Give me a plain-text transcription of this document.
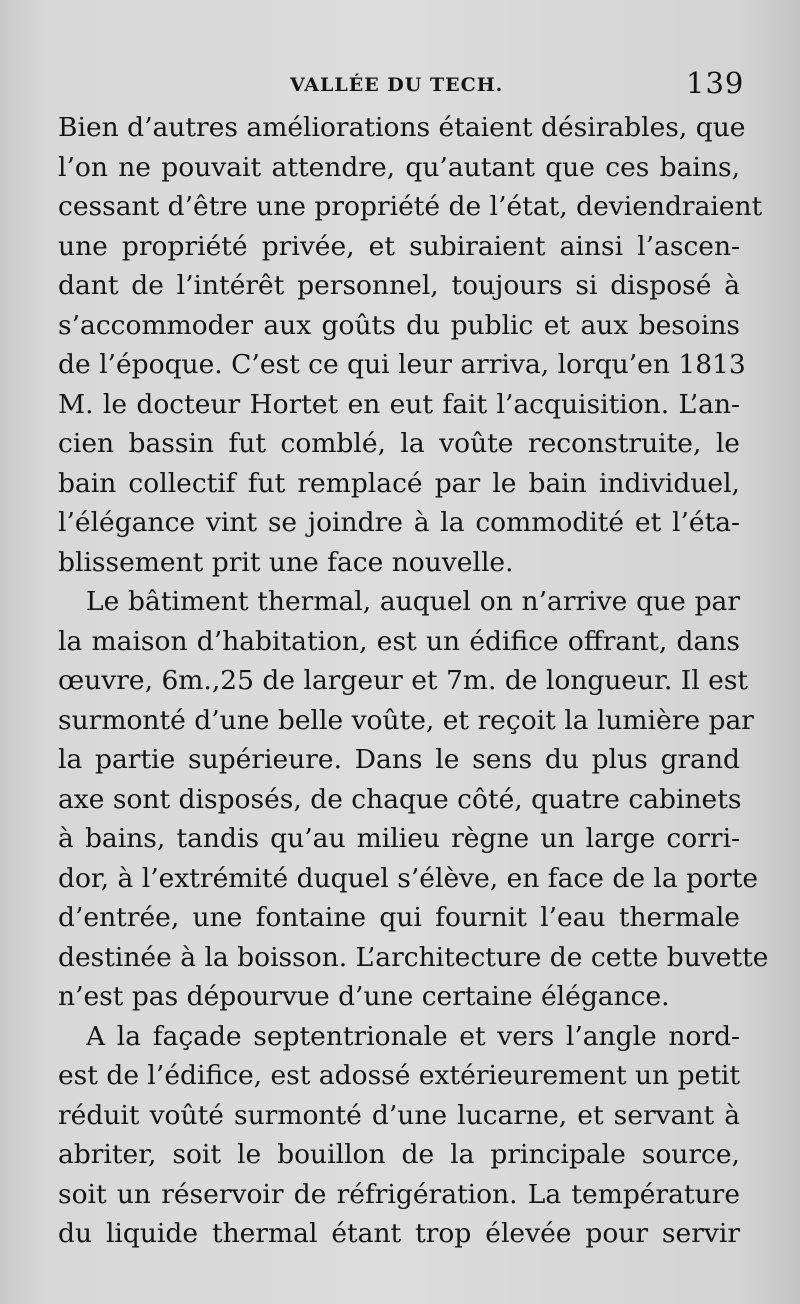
VALLÉE DU TECH.	139
Bien d’autres améliorations étaient désirables, que
l’on ne pouvait attendre, qu’autant que ces bains,
cessant d’être une propriété de l’état, deviendraient
une propriété privée, et subiraient ainsi l’ascen-
dant de l’intérêt personnel, toujours si disposé à
s’accommoder aux goûts du public et aux besoins
de l’époque. C’est ce qui leur arriva, lorqu’en 1813
M. le docteur Hortet en eut fait l’acquisition. L’an-
cien bassin fut comblé, la voûte reconstruite, le
bain collectif fut remplacé par le bain individuel,
l’élégance vint se joindre à la commodité et l’éta-
blissement prit une face nouvelle.
Le bâtiment thermal, auquel on n’arrive que par
la maison d’habitation, est un édifice offrant, dans
œuvre, 6m.,25 de largeur et 7m. de longueur. Il est
surmonté d’une belle voûte, et reçoit la lumière par
la partie supérieure. Dans le sens du plus grand
axe sont disposés, de chaque côté, quatre cabinets
à bains, tandis qu’au milieu règne un large corri-
dor, à l’extrémité duquel s’élève, en face de la porte
d’entrée, une fontaine qui fournit l’eau thermale
destinée à la boisson. L’architecture de cette buvette
n’est pas dépourvue d’une certaine élégance.
A la façade septentrionale et vers l’angle nord-
est de l’édifice, est adossé extérieurement un petit
réduit voûté surmonté d’une lucarne, et servant à
abriter, soit le bouillon de la principale source,
soit un réservoir de réfrigération. La température
du liquide thermal étant trop élevée pour servir
